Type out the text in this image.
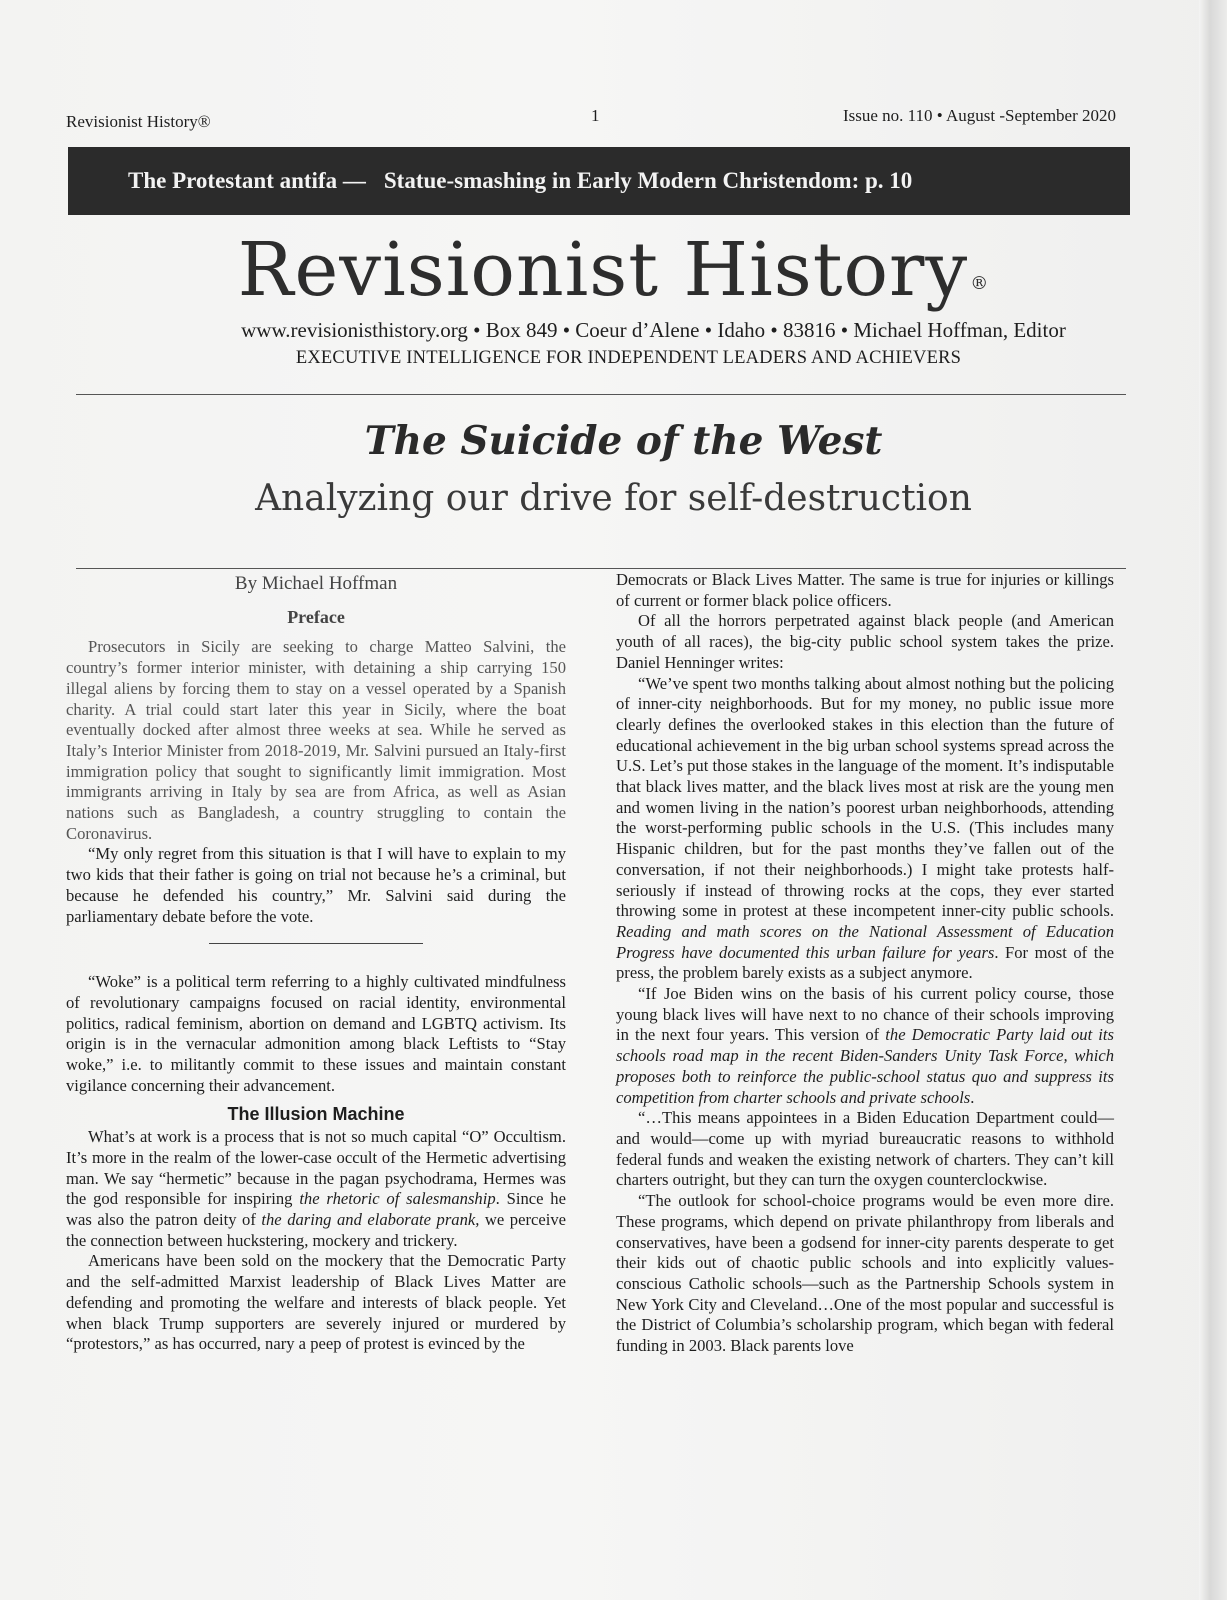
Revisionist History®	1	Issue no. 110 • August -September 2020
The Protestant antifa — Statue-smashing in Early Modern Christendom: p. 10
Revisionist History ®
www.revisionisthistory.org • Box 849 • Coeur d’Alene • Idaho • 83816 • Michael Hoffman, Editor
EXECUTIVE INTELLIGENCE FOR INDEPENDENT LEADERS AND ACHIEVERS
The Suicide of the West
Analyzing our drive for self-destruction
By Michael Hoffman
Preface

Prosecutors in Sicily are seeking to charge Matteo Salvini, the country’s former interior minister, with detaining a ship carrying 150 illegal aliens by forcing them to stay on a vessel operated by a Spanish charity. A trial could start later this year in Sicily, where the boat eventually docked after almost three weeks at sea. While he served as Italy’s Interior Minister from 2018-2019, Mr. Salvini pursued an Italy-first immigration policy that sought to significantly limit immigration. Most immigrants arriving in Italy by sea are from Africa, as well as Asian nations such as Bangladesh, a country struggling to contain the Coronavirus.

“My only regret from this situation is that I will have to explain to my two kids that their father is going on trial not because he’s a criminal, but because he defended his country,” Mr. Salvini said during the parliamentary debate before the vote.

“Woke” is a political term referring to a highly cultivated mindfulness of revolutionary campaigns focused on racial identity, environmental politics, radical feminism, abortion on demand and LGBTQ activism. Its origin is in the vernacular admonition among black Leftists to “Stay woke,” i.e. to militantly commit to these issues and maintain constant vigilance concerning their advancement.

The Illusion Machine

What’s at work is a process that is not so much capital “O” Occultism. It’s more in the realm of the lower-case occult of the Hermetic advertising man. We say “hermetic” because in the pagan psychodrama, Hermes was the god responsible for inspiring the rhetoric of salesmanship. Since he was also the patron deity of the daring and elaborate prank, we perceive the connection between huckstering, mockery and trickery.

Americans have been sold on the mockery that the Democratic Party and the self-admitted Marxist leadership of Black Lives Matter are defending and promoting the welfare and interests of black people. Yet when black Trump supporters are severely injured or murdered by “protestors,” as has occurred, nary a peep of protest is evinced by the

Democrats or Black Lives Matter. The same is true for injuries or killings of current or former black police officers.

Of all the horrors perpetrated against black people (and American youth of all races), the big-city public school system takes the prize. Daniel Henninger writes:

“We’ve spent two months talking about almost nothing but the policing of inner-city neighborhoods. But for my money, no public issue more clearly defines the overlooked stakes in this election than the future of educational achievement in the big urban school systems spread across the U.S. Let’s put those stakes in the language of the moment. It’s indisputable that black lives matter, and the black lives most at risk are the young men and women living in the nation’s poorest urban neighborhoods, attending the worst-performing public schools in the U.S. (This includes many Hispanic children, but for the past months they’ve fallen out of the conversation, if not their neighborhoods.) I might take protests half-seriously if instead of throwing rocks at the cops, they ever started throwing some in protest at these incompetent inner-city public schools. Reading and math scores on the National Assessment of Education Progress have documented this urban failure for years. For most of the press, the problem barely exists as a subject anymore.

“If Joe Biden wins on the basis of his current policy course, those young black lives will have next to no chance of their schools improving in the next four years. This version of the Democratic Party laid out its schools road map in the recent Biden-Sanders Unity Task Force, which proposes both to reinforce the public-school status quo and suppress its competition from charter schools and private schools.

“…This means appointees in a Biden Education Department could—and would—come up with myriad bureaucratic reasons to withhold federal funds and weaken the existing network of charters. They can’t kill charters outright, but they can turn the oxygen counterclockwise.

“The outlook for school-choice programs would be even more dire. These programs, which depend on private philanthropy from liberals and conservatives, have been a godsend for inner-city parents desperate to get their kids out of chaotic public schools and into explicitly values-conscious Catholic schools—such as the Partnership Schools system in New York City and Cleveland…One of the most popular and successful is the District of Columbia’s scholarship program, which began with federal funding in 2003. Black parents love
